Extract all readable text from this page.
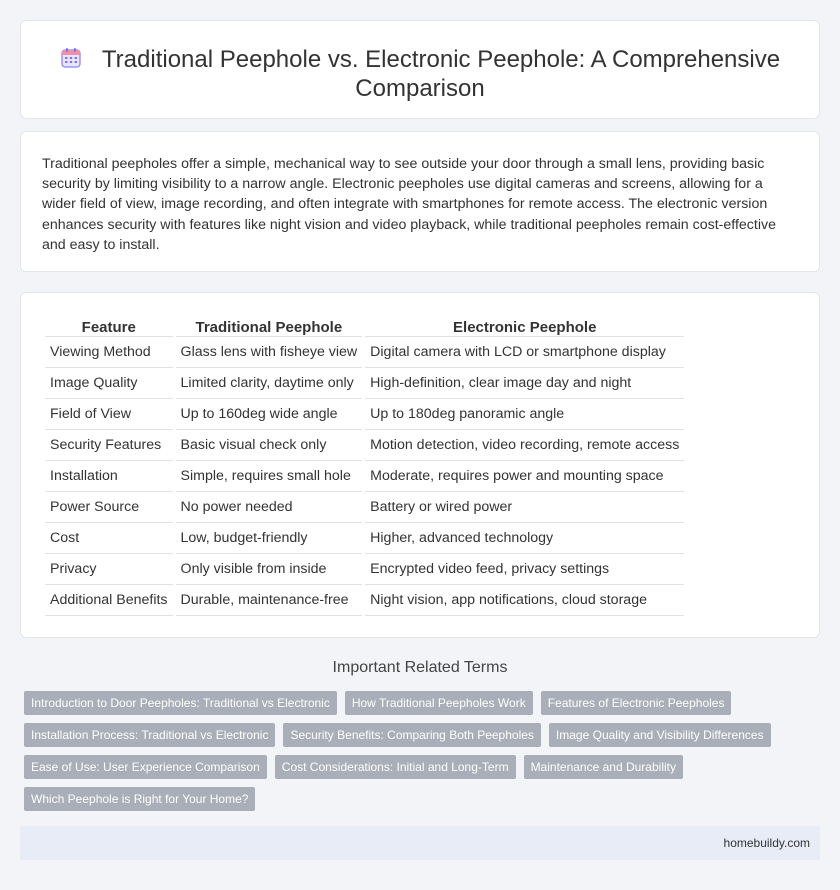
Traditional Peephole vs. Electronic Peephole: A Comprehensive Comparison

Traditional peepholes offer a simple, mechanical way to see outside your door through a small lens, providing basic security by limiting visibility to a narrow angle. Electronic peepholes use digital cameras and screens, allowing for a wider field of view, image recording, and often integrate with smartphones for remote access. The electronic version enhances security with features like night vision and video playback, while traditional peepholes remain cost-effective and easy to install.

Feature	Traditional Peephole	Electronic Peephole
Viewing Method	Glass lens with fisheye view	Digital camera with LCD or smartphone display
Image Quality	Limited clarity, daytime only	High-definition, clear image day and night
Field of View	Up to 160deg wide angle	Up to 180deg panoramic angle
Security Features	Basic visual check only	Motion detection, video recording, remote access
Installation	Simple, requires small hole	Moderate, requires power and mounting space
Power Source	No power needed	Battery or wired power
Cost	Low, budget-friendly	Higher, advanced technology
Privacy	Only visible from inside	Encrypted video feed, privacy settings
Additional Benefits	Durable, maintenance-free	Night vision, app notifications, cloud storage
Important Related Terms
Introduction to Door Peepholes: Traditional vs Electronic	How Traditional Peepholes Work	Features of Electronic Peepholes
Installation Process: Traditional vs Electronic	Security Benefits: Comparing Both Peepholes	Image Quality and Visibility Differences
Ease of Use: User Experience Comparison	Cost Considerations: Initial and Long-Term	Maintenance and Durability
Which Peephole is Right for Your Home?
homebuildy.com
